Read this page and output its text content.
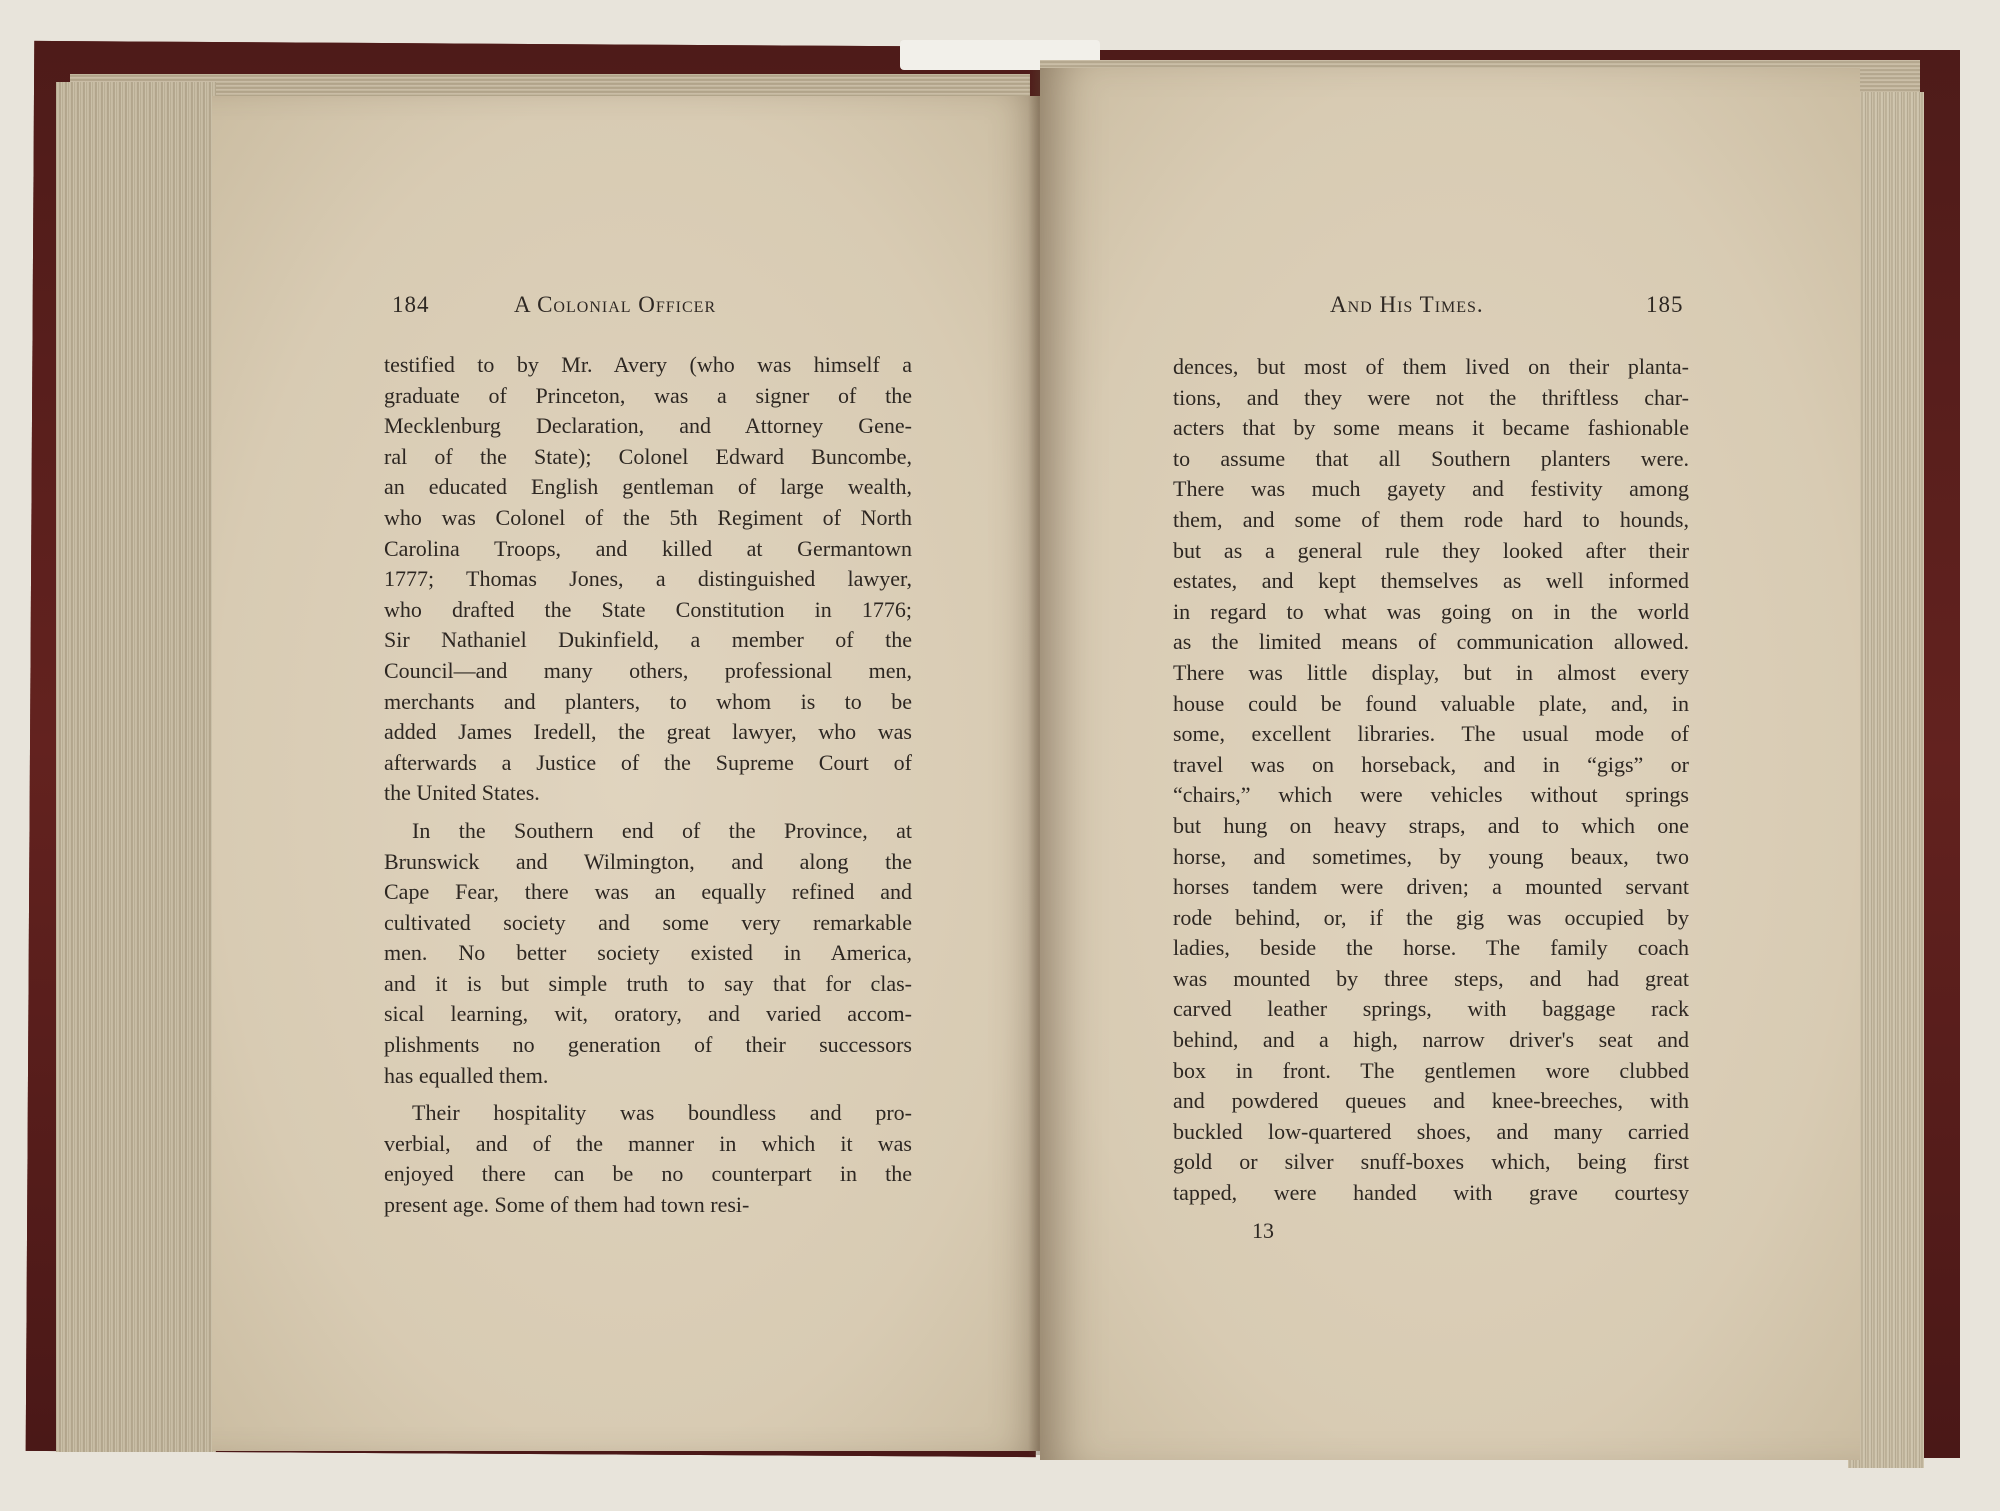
184	A Colonial Officer
testified to by Mr. Avery (who was himself a
graduate of Princeton, was a signer of the
Mecklenburg Declaration, and Attorney Gene-
ral of the State); Colonel Edward Buncombe,
an educated English gentleman of large wealth,
who was Colonel of the 5th Regiment of North
Carolina Troops, and killed at Germantown
1777; Thomas Jones, a distinguished lawyer,
who drafted the State Constitution in 1776;
Sir Nathaniel Dukinfield, a member of the
Council—and many others, professional men,
merchants and planters, to whom is to be
added James Iredell, the great lawyer, who was
afterwards a Justice of the Supreme Court of
the United States.
In the Southern end of the Province, at
Brunswick and Wilmington, and along the
Cape Fear, there was an equally refined and
cultivated society and some very remarkable
men. No better society existed in America,
and it is but simple truth to say that for clas-
sical learning, wit, oratory, and varied accom-
plishments no generation of their successors
has equalled them.
Their hospitality was boundless and pro-
verbial, and of the manner in which it was
enjoyed there can be no counterpart in the
present age. Some of them had town resi-
And His Times.	185
dences, but most of them lived on their planta-
tions, and they were not the thriftless char-
acters that by some means it became fashionable
to assume that all Southern planters were.
There was much gayety and festivity among
them, and some of them rode hard to hounds,
but as a general rule they looked after their
estates, and kept themselves as well informed
in regard to what was going on in the world
as the limited means of communication allowed.
There was little display, but in almost every
house could be found valuable plate, and, in
some, excellent libraries. The usual mode of
travel was on horseback, and in “gigs” or
“chairs,” which were vehicles without springs
but hung on heavy straps, and to which one
horse, and sometimes, by young beaux, two
horses tandem were driven; a mounted servant
rode behind, or, if the gig was occupied by
ladies, beside the horse. The family coach
was mounted by three steps, and had great
carved leather springs, with baggage rack
behind, and a high, narrow driver's seat and
box in front. The gentlemen wore clubbed
and powdered queues and knee-breeches, with
buckled low-quartered shoes, and many carried
gold or silver snuff-boxes which, being first
tapped, were handed with grave courtesy
13
